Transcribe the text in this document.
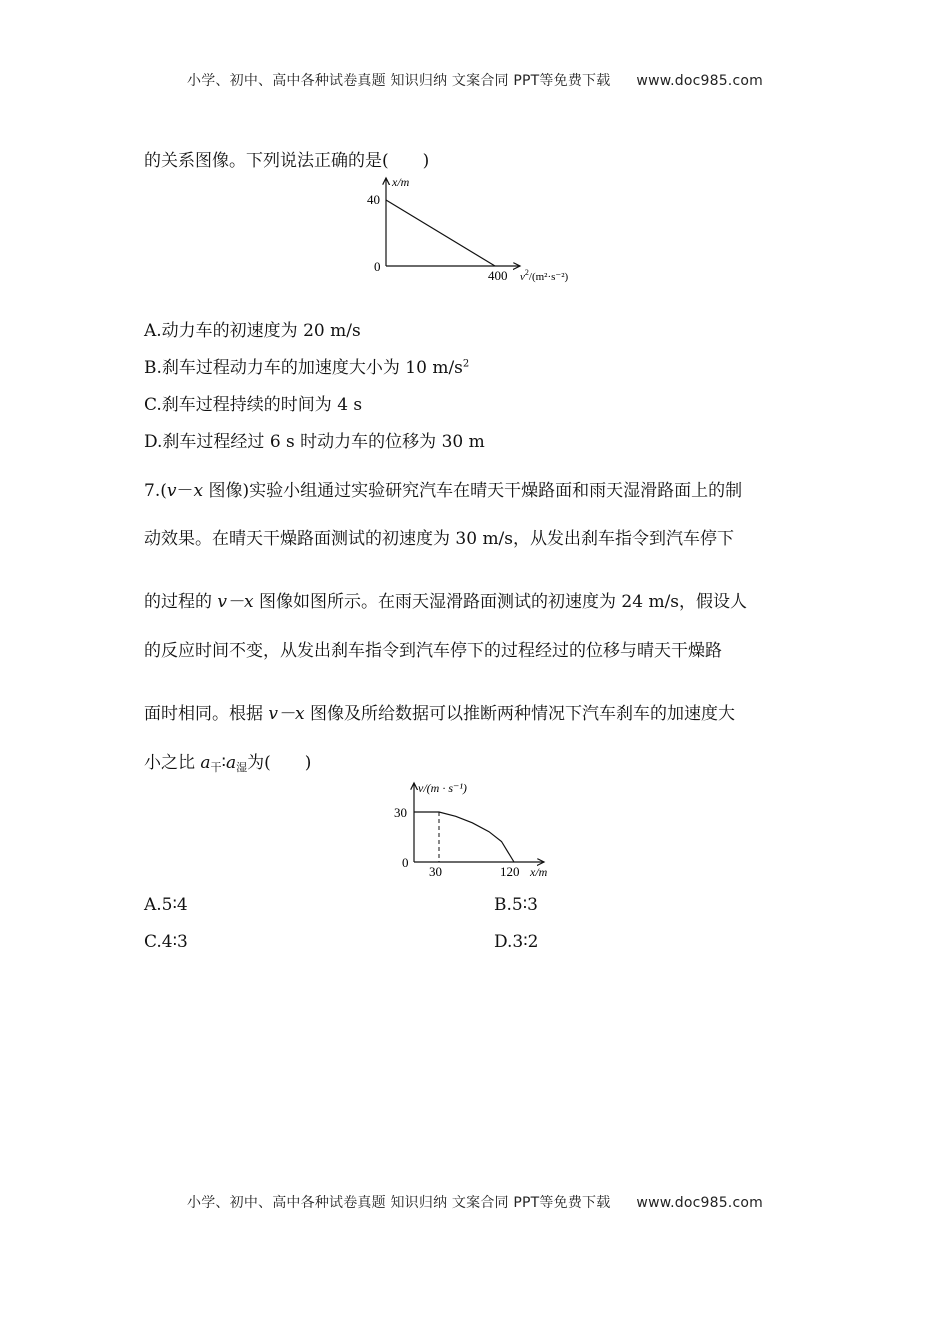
小学、初中、高中各种试卷真题 知识归纳 文案合同 PPT等免费下载 www.doc985.com
的关系图像。下列说法正确的是(　　)
x/m
40
0
400 $v^2/(m^2\cdot s^{-2})$
A.动力车的初速度为 20 m/s
B.刹车过程动力车的加速度大小为 10 $m/s^2$
C.刹车过程持续的时间为 4 s
D.刹车过程经过 6 s 时动力车的位移为 30 m
7.(v－x 图像)实验小组通过实验研究汽车在晴天干燥路面和雨天湿滑路面上的制
动效果。在晴天干燥路面测试的初速度为 30 m/s，从发出刹车指令到汽车停下
的过程的 v－x 图像如图所示。在雨天湿滑路面测试的初速度为 24 m/s，假设人
的反应时间不变，从发出刹车指令到汽车停下的过程经过的位移与晴天干燥路
面时相同。根据 v－x 图像及所给数据可以推断两种情况下汽车刹车的加速度大
小之比 a干∶a湿为(　　)
v/(m · s⁻¹)
30
0
30	120 x/m
A.5∶4	B.5∶3
C.4∶3	D.3∶2
小学、初中、高中各种试卷真题 知识归纳 文案合同 PPT等免费下载 www.doc985.com
